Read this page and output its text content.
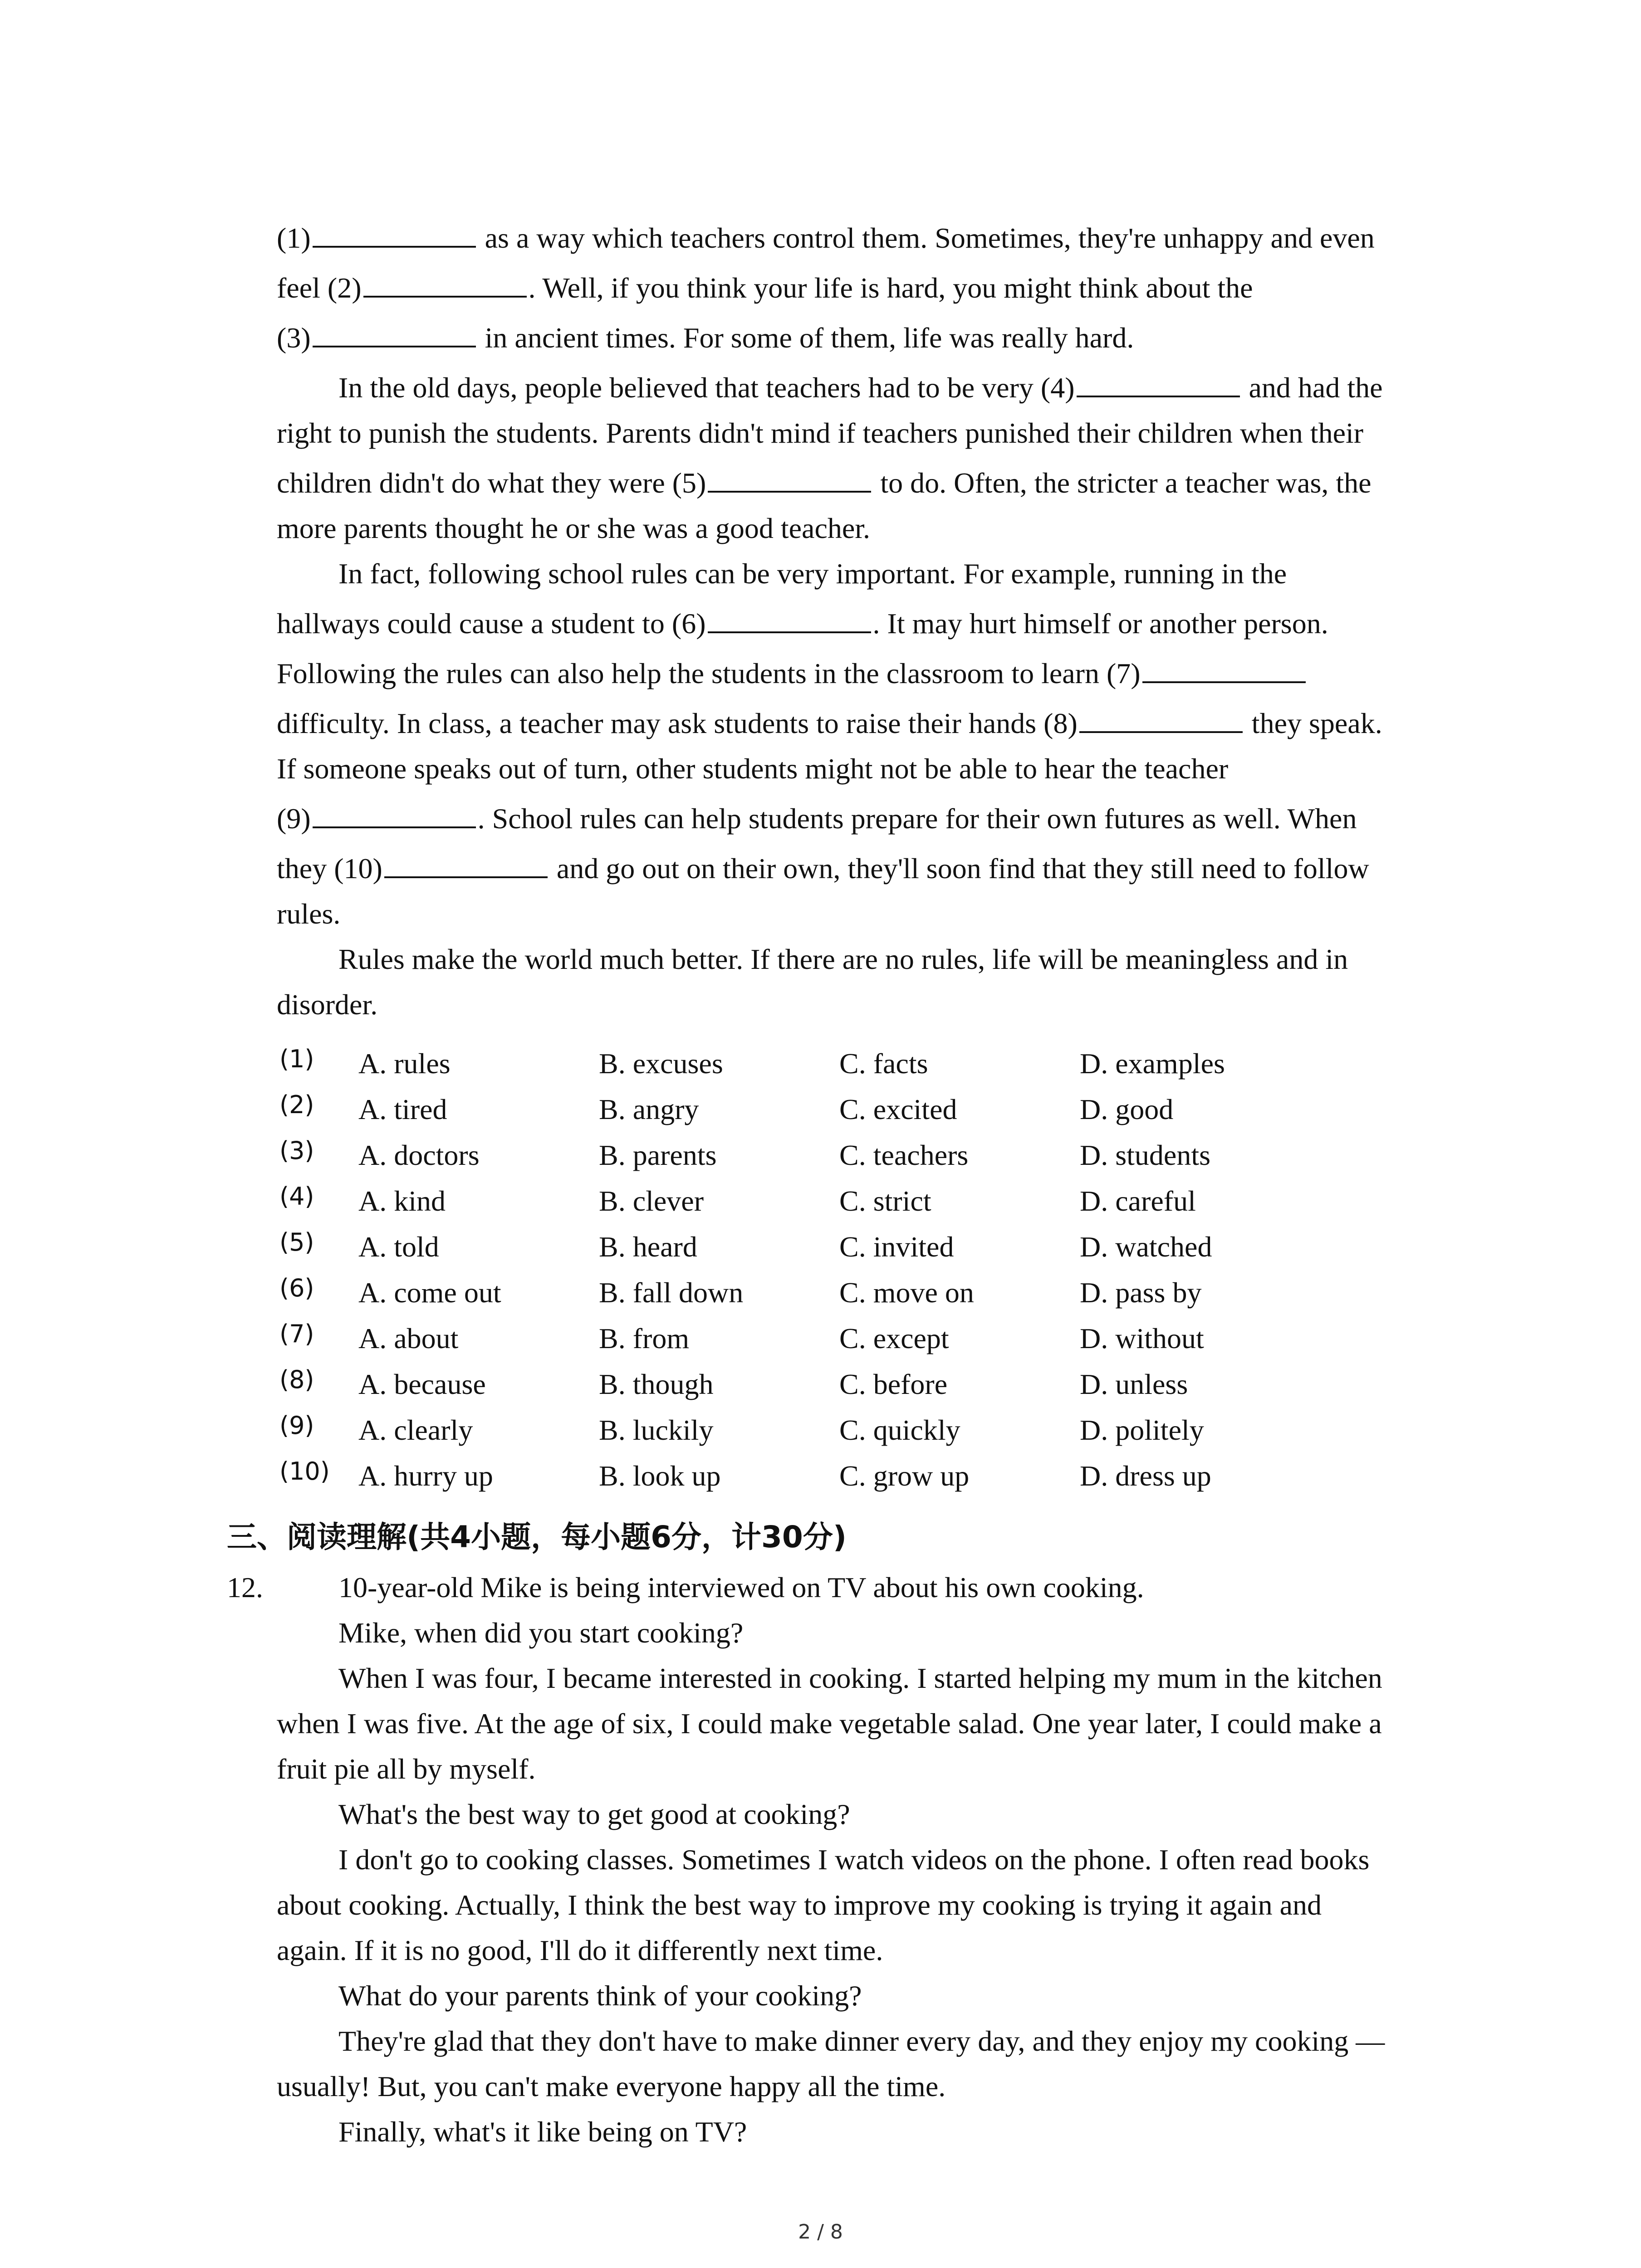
(1)	as a way which teachers control them. Sometimes, they're unhappy and even
feel (2)	. Well, if you think your life is hard, you might think about the
(3)	in ancient times. For some of them, life was really hard.
In the old days, people believed that teachers had to be very (4)	and had the
right to punish the students. Parents didn't mind if teachers punished their children when their
children didn't do what they were (5)	to do. Often, the stricter a teacher was, the
more parents thought he or she was a good teacher.
In fact, following school rules can be very important. For example, running in the
hallways could cause a student to (6)	. It may hurt himself or another person.
Following the rules can also help the students in the classroom to learn (7)
difficulty. In class, a teacher may ask students to raise their hands (8)	they speak.
If someone speaks out of turn, other students might not be able to hear the teacher
(9)	. School rules can help students prepare for their own futures as well. When
they (10)	and go out on their own, they'll soon find that they still need to follow
rules.
Rules make the world much better. If there are no rules, life will be meaningless and in
disorder.
(1) A. rules	B. excuses	C. facts	D. examples
(2) A. tired	B. angry	C. excited	D. good
(3) A. doctors	B. parents	C. teachers	D. students
(4) A. kind	B. clever	C. strict	D. careful
(5) A. told	B. heard	C. invited	D. watched
(6) A. come out	B. fall down	C. move on	D. pass by
(7) A. about	B. from	C. except	D. without
(8) A. because	B. though	C. before	D. unless
(9) A. clearly	B. luckily	C. quickly	D. politely
(10) A. hurry up	B. look up	C. grow up	D. dress up
三、阅读理解(共4小题，每小题6分，计30分)
12.	10-year-old Mike is being interviewed on TV about his own cooking.
Mike, when did you start cooking?
When I was four, I became interested in cooking. I started helping my mum in the kitchen
when I was five. At the age of six, I could make vegetable salad. One year later, I could make a
fruit pie all by myself.
What's the best way to get good at cooking?
I don't go to cooking classes. Sometimes I watch videos on the phone. I often read books
about cooking. Actually, I think the best way to improve my cooking is trying it again and
again. If it is no good, I'll do it differently next time.
What do your parents think of your cooking?
They're glad that they don't have to make dinner every day, and they enjoy my cooking —
usually! But, you can't make everyone happy all the time.
Finally, what's it like being on TV?
2 / 8
